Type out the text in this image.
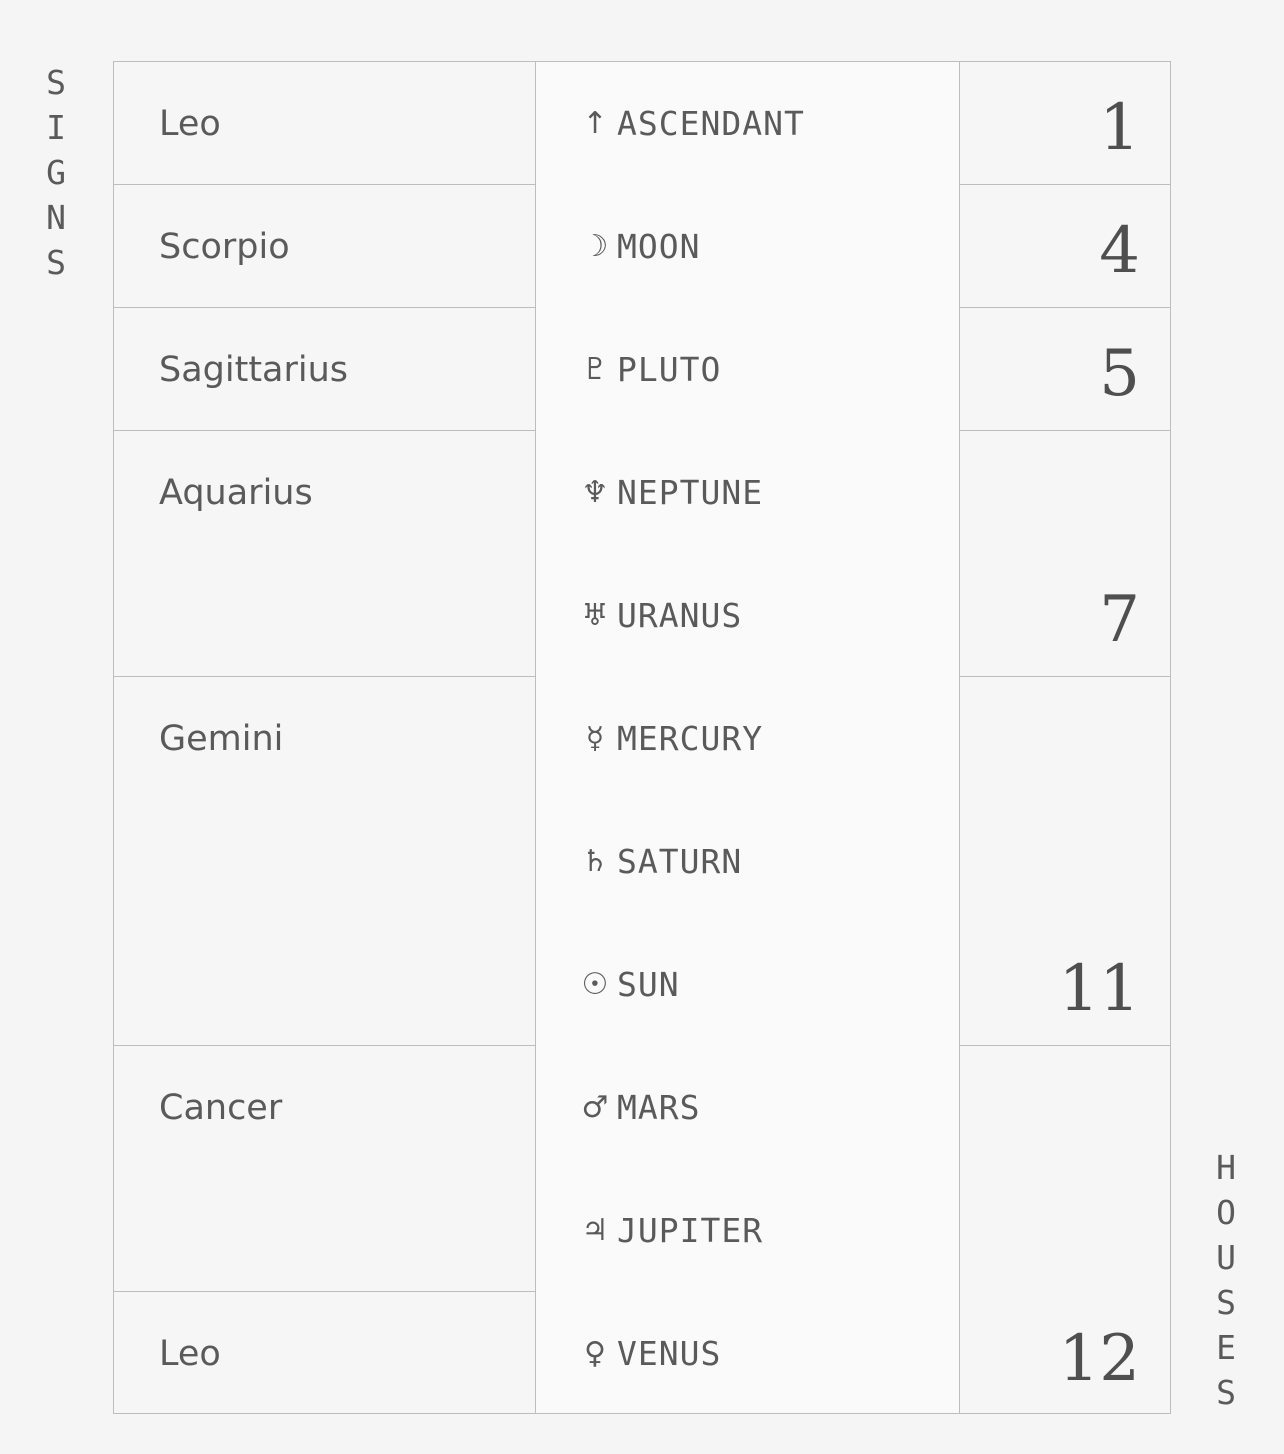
S
I
G
N
S
H
O
U
S
E
S
Leo
Scorpio
Sagittarius
Aquarius
Gemini
Cancer
Leo
↑ ASCENDANT
☽ MOON
♇ PLUTO
♆ NEPTUNE
♅ URANUS
☿ MERCURY
♄ SATURN
☉ SUN
♂ MARS
♃ JUPITER
♀ VENUS
1
4
5
7
11
12
